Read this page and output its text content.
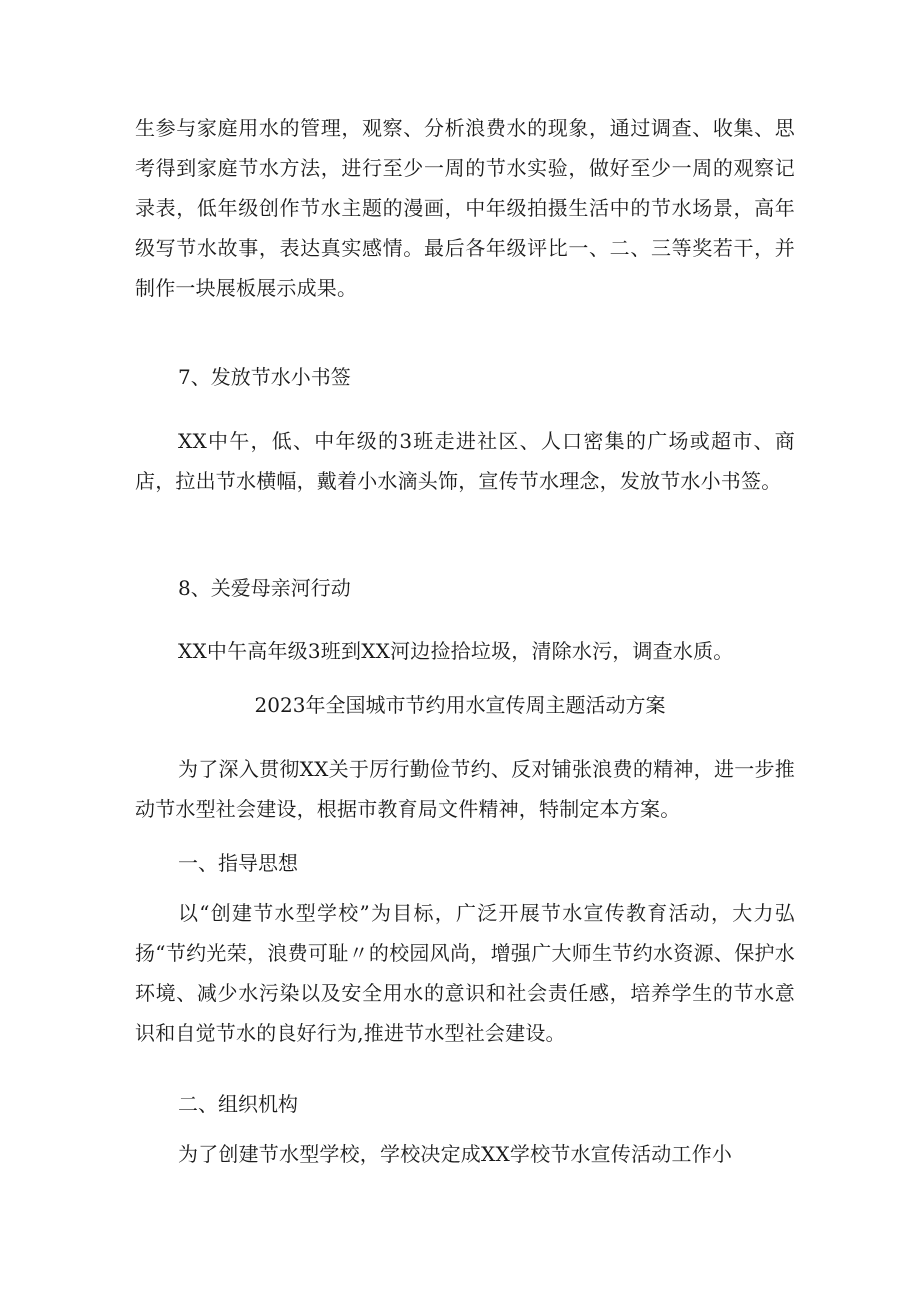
生参与家庭用水的管理，观察、分析浪费水的现象，通过调查、收集、思考得到家庭节水方法，进行至少一周的节水实验，做好至少一周的观察记录表，低年级创作节水主题的漫画，中年级拍摄生活中的节水场景，高年级写节水故事，表达真实感情。最后各年级评比一、二、三等奖若干，并制作一块展板展示成果。

7、发放节水小书签

XX中午，低、中年级的3班走进社区、人口密集的广场或超市、商店，拉出节水横幅，戴着小水滴头饰，宣传节水理念，发放节水小书签。

8、关爱母亲河行动

XX中午高年级3班到XX河边捡拾垃圾，清除水污，调查水质。

2023年全国城市节约用水宣传周主题活动方案

为了深入贯彻XX关于厉行勤俭节约、反对铺张浪费的精神，进一步推动节水型社会建设，根据市教育局文件精神，特制定本方案。

一、指导思想

以“创建节水型学校”为目标，广泛开展节水宣传教育活动，大力弘扬“节约光荣，浪费可耻〃的校园风尚，增强广大师生节约水资源、保护水环境、减少水污染以及安全用水的意识和社会责任感，培养学生的节水意识和自觉节水的良好行为,推进节水型社会建设。

二、组织机构

为了创建节水型学校，学校决定成XX学校节水宣传活动工作小
